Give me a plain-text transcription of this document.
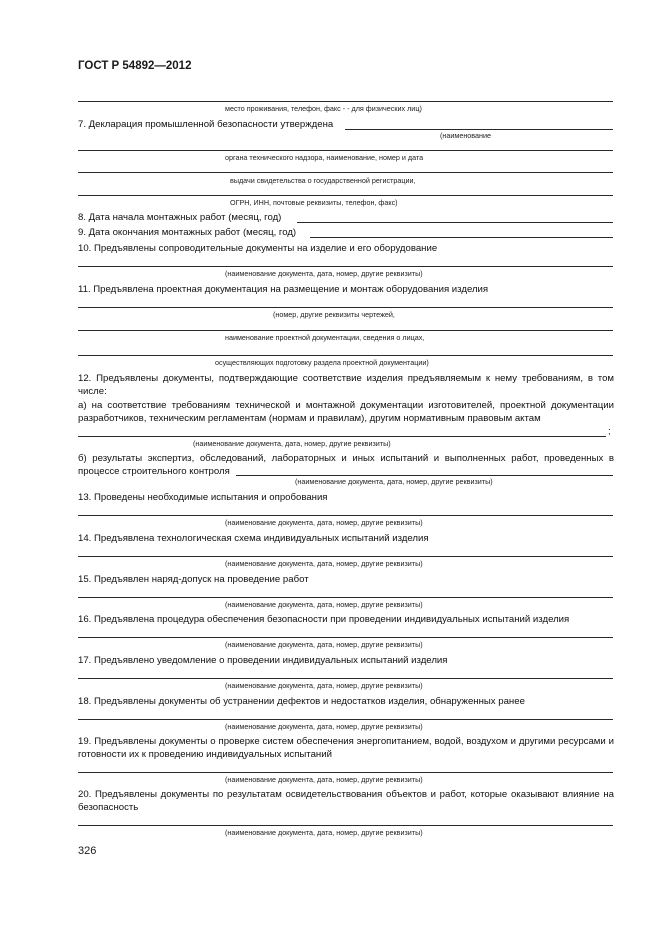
ГОСТ Р 54892—2012
место проживания, телефон, факс - - для физических лиц)
7. Декларация промышленной безопасности утверждена
(наименование
органа технического надзора, наименование, номер и дата
выдачи свидетельства о государственной регистрации,
ОГРН, ИНН, почтовые реквизиты, телефон, факс)
8. Дата начала монтажных работ (месяц, год)
9. Дата окончания монтажных работ (месяц, год)
10. Предъявлены сопроводительные документы на изделие и его оборудование
(наименование документа, дата, номер, другие реквизиты)
11. Предъявлена проектная документация на размещение и монтаж оборудования изделия
(номер, другие реквизиты чертежей,
наименование проектной документации, сведения о лицах,
осуществляющих подготовку раздела проектной документации)
12. Предъявлены документы, подтверждающие соответствие изделия предъявляемым к нему требованиям, в том числе:
а) на соответствие требованиям технической и монтажной документации изготовителей, проектной документации разработчиков, техническим регламентам (нормам и правилам), другим нормативным правовым актам
;
(наименование документа, дата, номер, другие реквизиты)
б) результаты экспертиз, обследований, лабораторных и иных испытаний и выполненных работ, проведенных в процессе строительного контроля
(наименование документа, дата, номер, другие реквизиты)
13. Проведены необходимые испытания и опробования
(наименование документа, дата, номер, другие реквизиты)
14. Предъявлена технологическая схема индивидуальных испытаний изделия
(наименование документа, дата, номер, другие реквизиты)
15. Предъявлен наряд-допуск на проведение работ
(наименование документа, дата, номер, другие реквизиты)
16. Предъявлена процедура обеспечения безопасности при проведении индивидуальных испытаний изделия
(наименование документа, дата, номер, другие реквизиты)
17. Предъявлено уведомление о проведении индивидуальных испытаний изделия
(наименование документа, дата, номер, другие реквизиты)
18. Предъявлены документы об устранении дефектов и недостатков изделия, обнаруженных ранее
(наименование документа, дата, номер, другие реквизиты)
19. Предъявлены документы о проверке систем обеспечения энергопитанием, водой, воздухом и другими ресурсами и готовности их к проведению индивидуальных испытаний
(наименование документа, дата, номер, другие реквизиты)
20. Предъявлены документы по результатам освидетельствования объектов и работ, которые оказывают влияние на безопасность
(наименование документа, дата, номер, другие реквизиты)
326
